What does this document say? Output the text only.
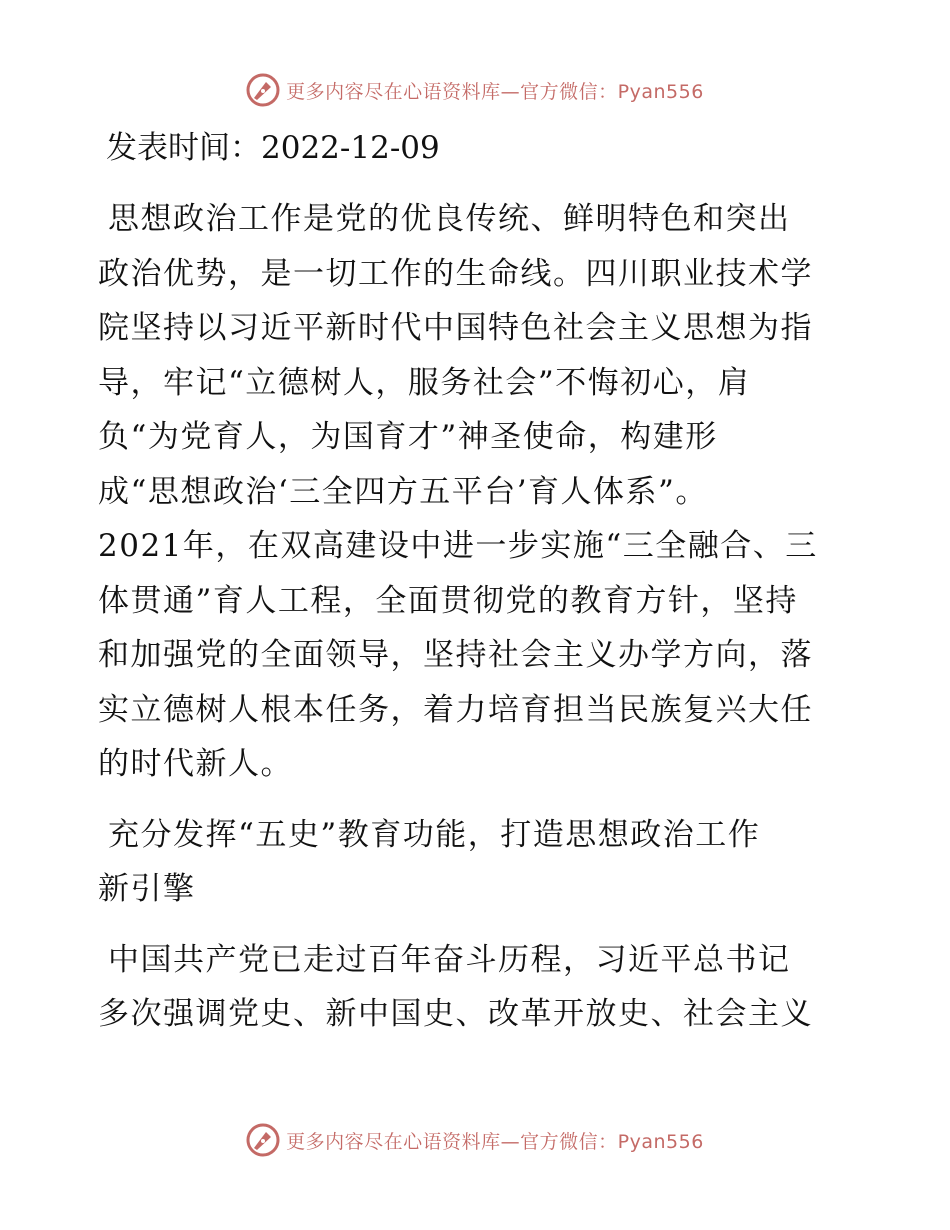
更多内容尽在心语资料库—官方微信：Pyan556
发表时间：2022-12-09
思想政治工作是党的优良传统、鲜明特色和突出
政治优势，是一切工作的生命线。四川职业技术学
院坚持以习近平新时代中国特色社会主义思想为指
导，牢记“立德树人，服务社会”不悔初心，肩
负“为党育人，为国育才”神圣使命，构建形
成“思想政治‘三全四方五平台’育人体系”。
2021年，在双高建设中进一步实施“三全融合、三
体贯通”育人工程，全面贯彻党的教育方针，坚持
和加强党的全面领导，坚持社会主义办学方向，落
实立德树人根本任务，着力培育担当民族复兴大任
的时代新人。
充分发挥“五史”教育功能，打造思想政治工作
新引擎
中国共产党已走过百年奋斗历程，习近平总书记
多次强调党史、新中国史、改革开放史、社会主义
更多内容尽在心语资料库—官方微信：Pyan556
